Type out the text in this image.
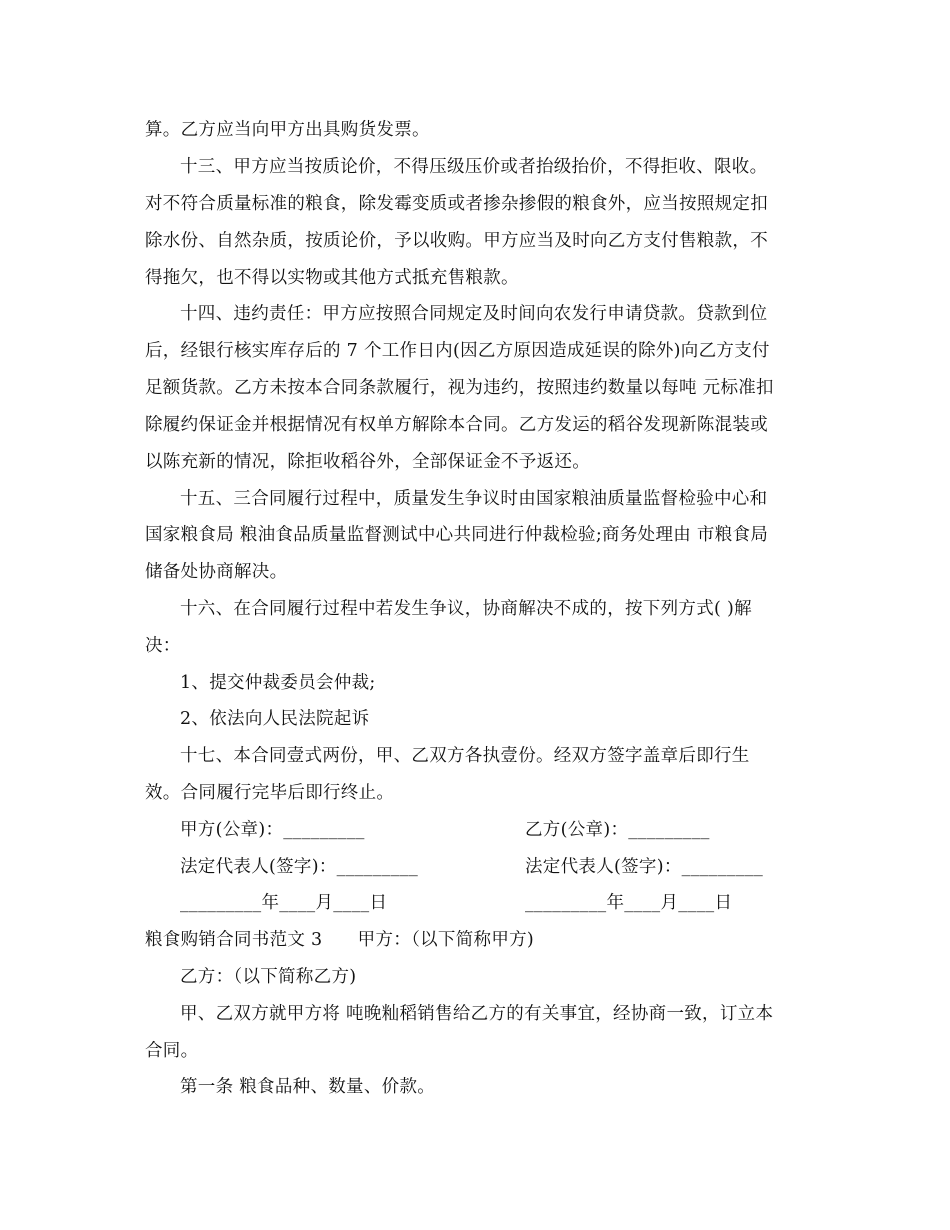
算。乙方应当向甲方出具购货发票。
十三、甲方应当按质论价，不得压级压价或者抬级抬价，不得拒收、限收。
对不符合质量标准的粮食，除发霉变质或者掺杂掺假的粮食外，应当按照规定扣
除水份、自然杂质，按质论价，予以收购。甲方应当及时向乙方支付售粮款，不
得拖欠，也不得以实物或其他方式抵充售粮款。
十四、违约责任：甲方应按照合同规定及时间向农发行申请贷款。贷款到位
后，经银行核实库存后的 7 个工作日内(因乙方原因造成延误的除外)向乙方支付
足额货款。乙方未按本合同条款履行，视为违约，按照违约数量以每吨 元标准扣
除履约保证金并根据情况有权单方解除本合同。乙方发运的稻谷发现新陈混装或
以陈充新的情况，除拒收稻谷外，全部保证金不予返还。
十五、三合同履行过程中，质量发生争议时由国家粮油质量监督检验中心和
国家粮食局 粮油食品质量监督测试中心共同进行仲裁检验;商务处理由 市粮食局
储备处协商解决。
十六、在合同履行过程中若发生争议，协商解决不成的，按下列方式( )解
决：
1、提交仲裁委员会仲裁;
2、依法向人民法院起诉
十七、本合同壹式两份，甲、乙双方各执壹份。经双方签字盖章后即行生
效。合同履行完毕后即行终止。
甲方(公章)：_________	乙方(公章)：_________
法定代表人(签字)：_________	法定代表人(签字)：_________
_________年____月____日	_________年____月____日
粮食购销合同书范文 3      甲方：（以下简称甲方)
乙方：（以下简称乙方)
甲、乙双方就甲方将 吨晚籼稻销售给乙方的有关事宜，经协商一致，订立本
合同。
第一条 粮食品种、数量、价款。
